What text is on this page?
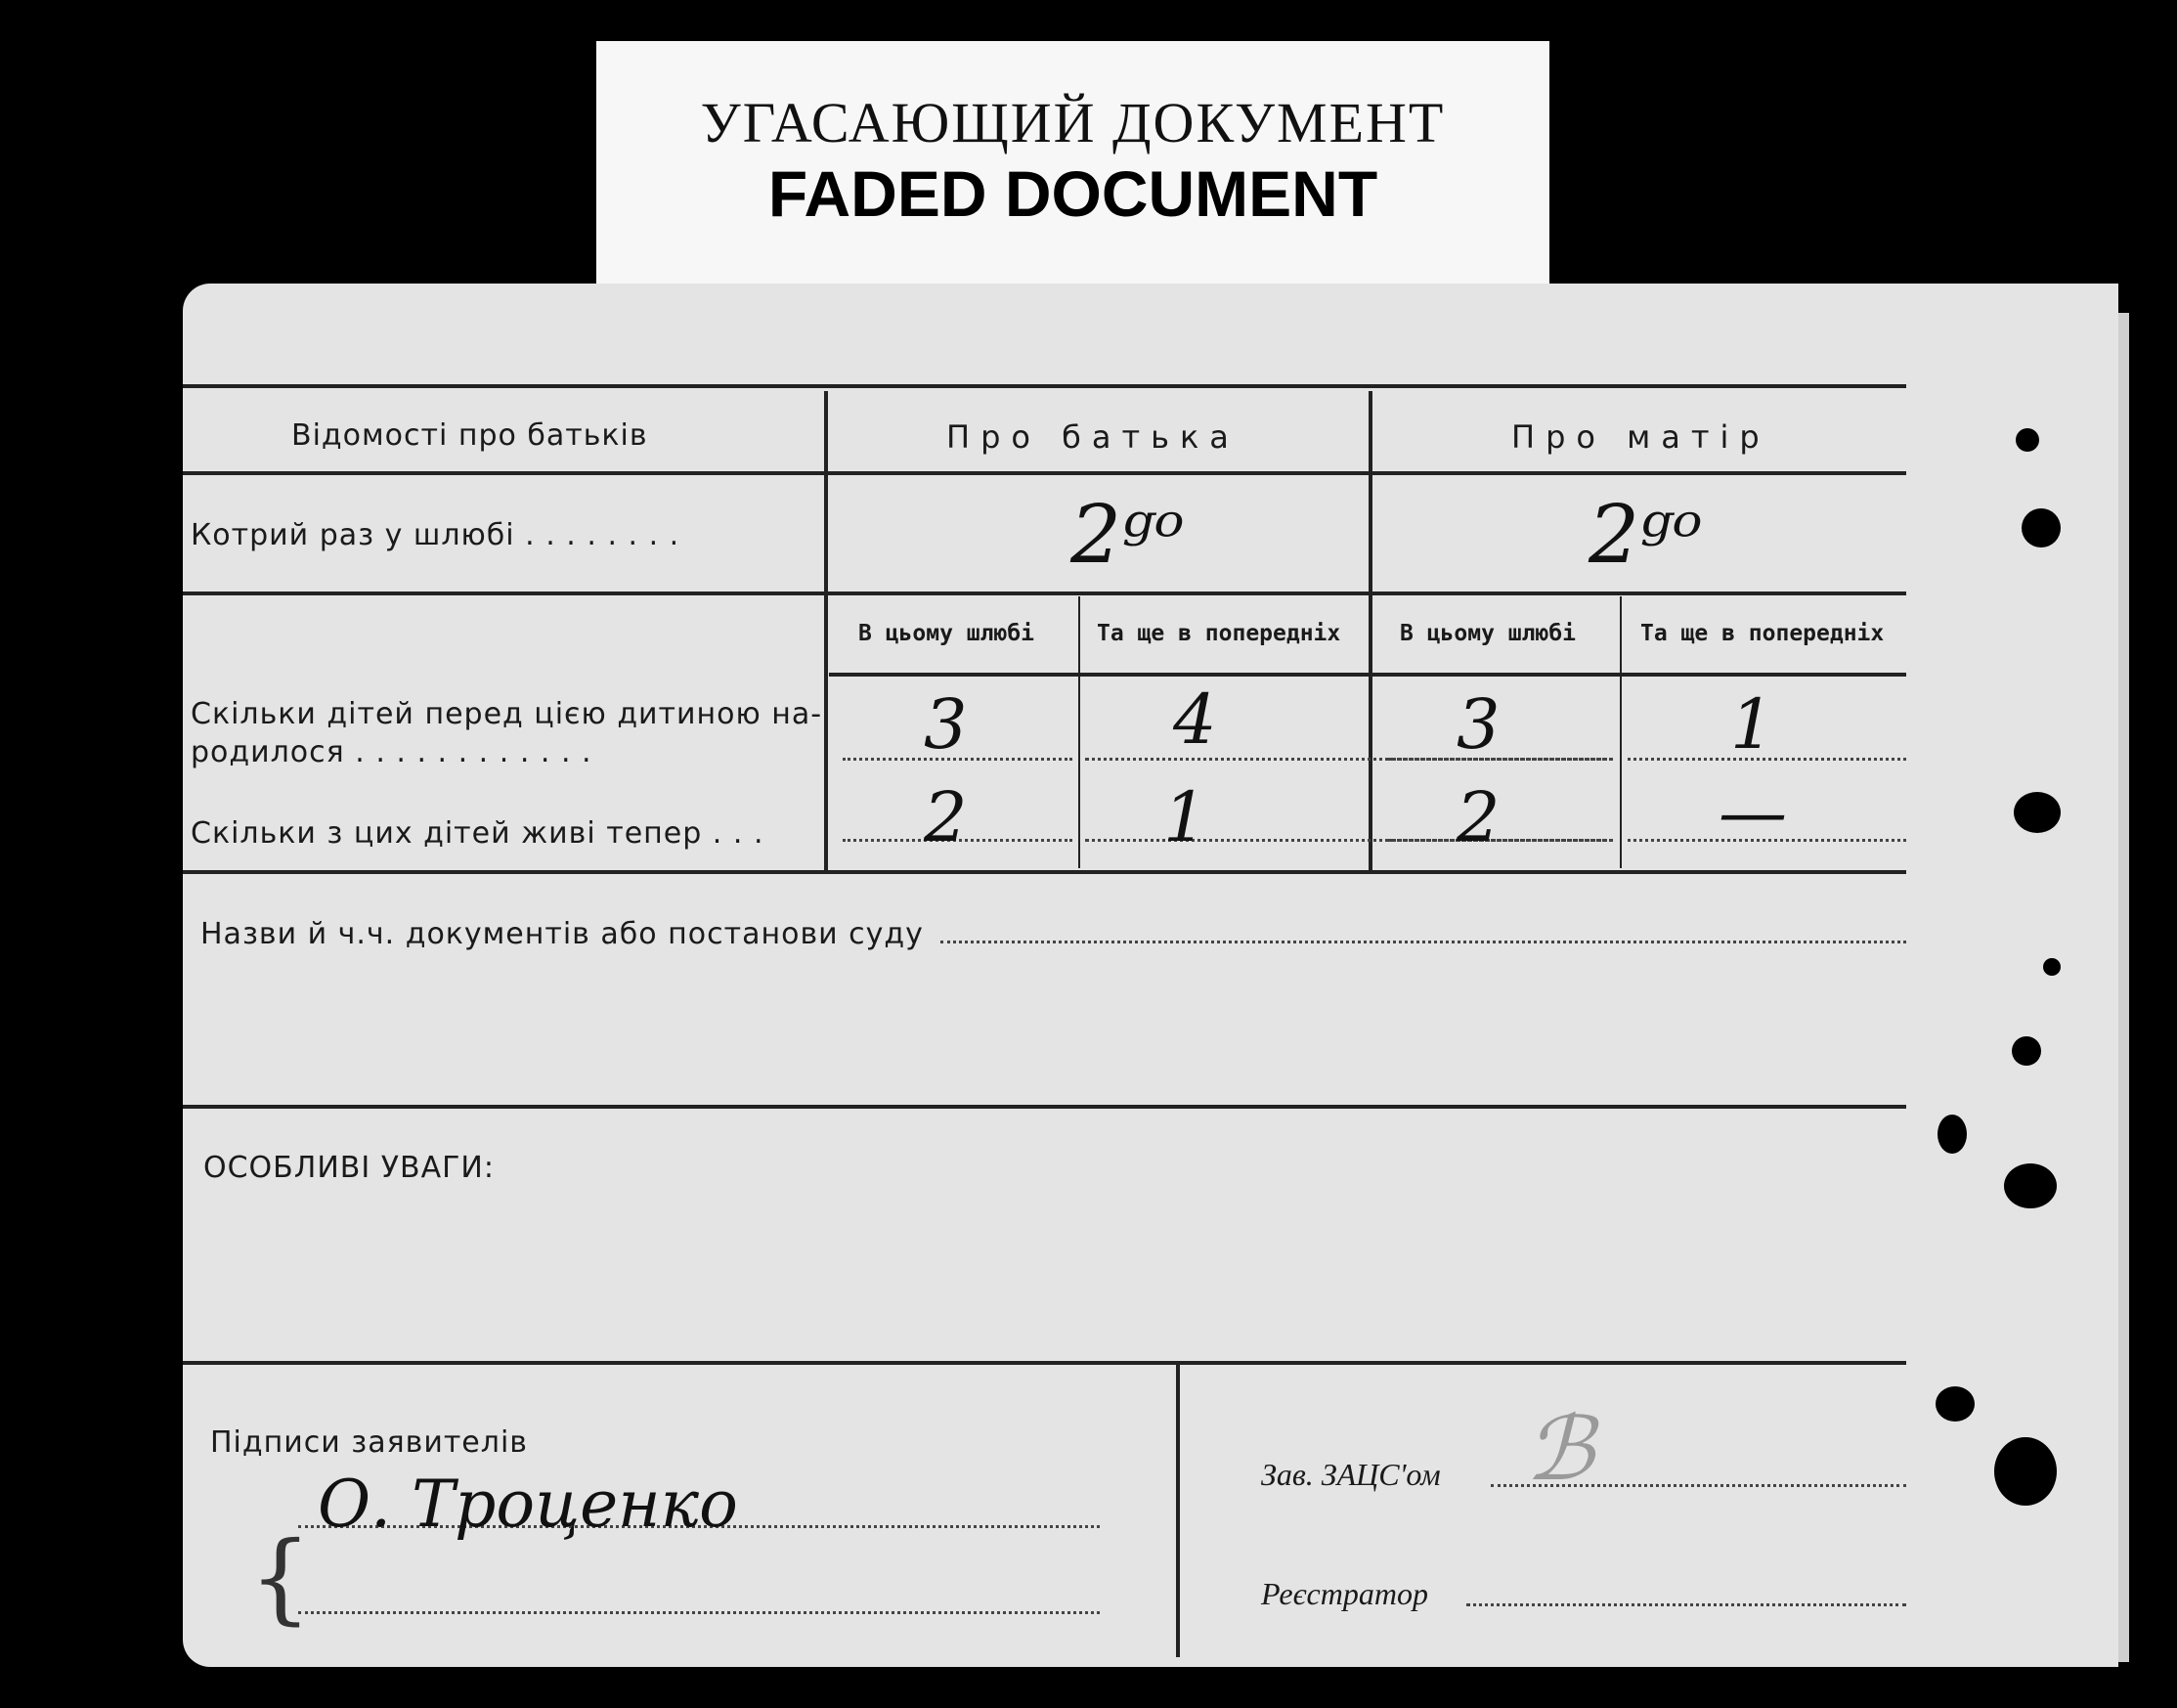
УГАСАЮЩИЙ ДОКУМЕНТ
FADED DOCUMENT
Відомості про батьків	Про батька	Про матір
Котрий раз у шлюбі . . . . . . . .	2ᵍᵒ	2ᵍᵒ
В цьому шлюбі	Та ще в попередніх	В цьому шлюбі	Та ще в попередніх
Скільки дітей перед цією дитиною на-
родилося . . . . . . . . . . . .	3	4	3	1
Скільки з цих дітей живі тепер . . . 2	1	2	—
Назви й ч.ч. документів або постанови суду
ОСОБЛИВІ УВАГИ:
Підписи заявителів
{
О. Троценко	Зав. ЗАЦС'ом ℬ
Реєстратор
